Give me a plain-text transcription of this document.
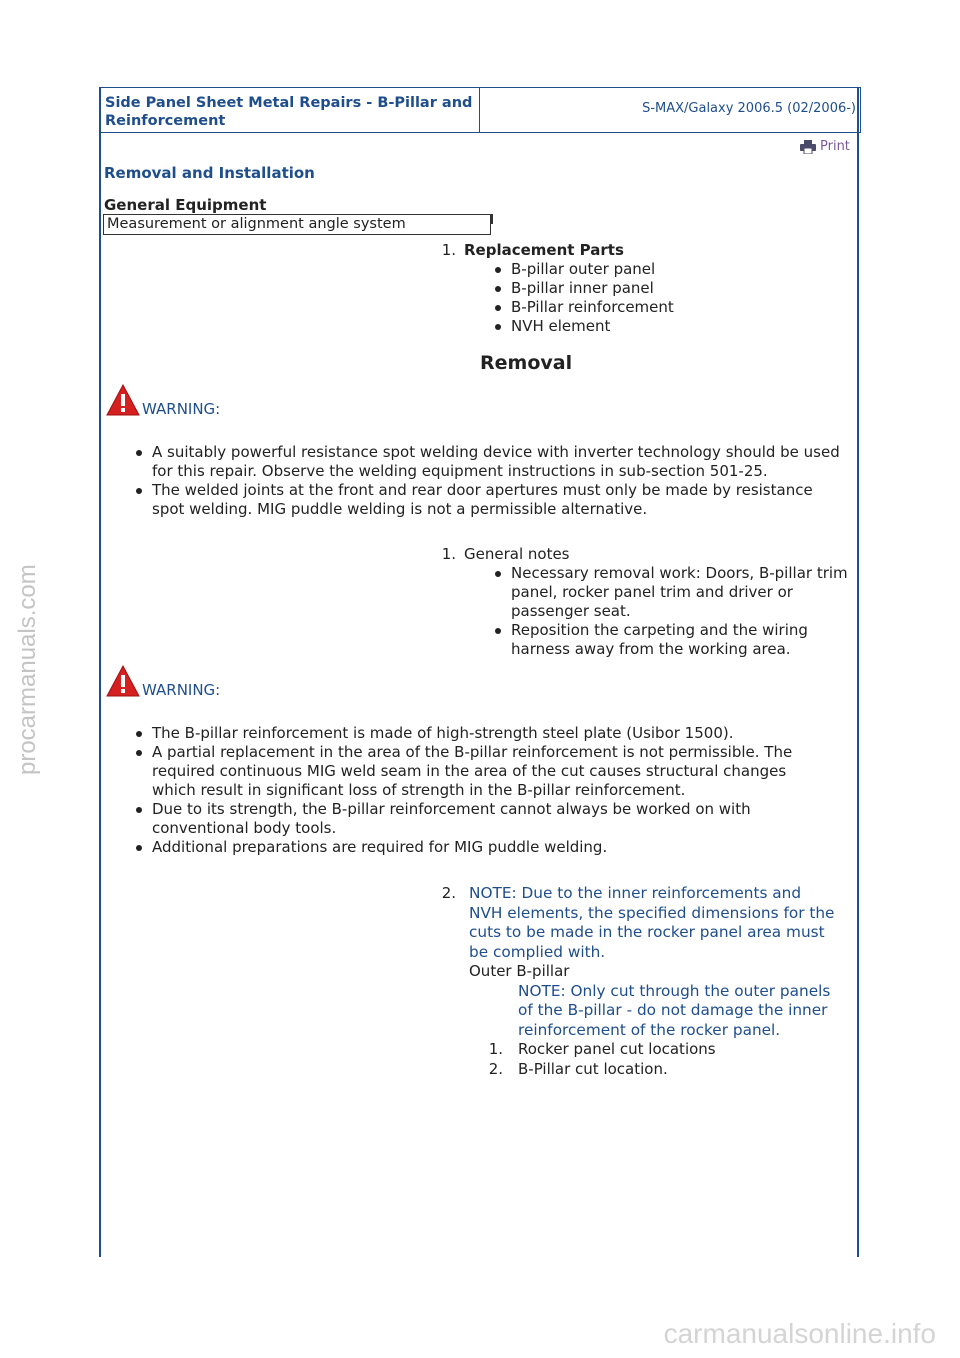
procarmanuals.com
carmanualsonline.info
Side Panel Sheet Metal Repairs - B-Pillar and Reinforcement
S-MAX/Galaxy 2006.5 (02/2006-)
Print
Removal and Installation
General Equipment
Measurement or alignment angle system
1. Replacement Parts
B-pillar outer panel
B-pillar inner panel
B-Pillar reinforcement
NVH element
Removal
WARNING:
A suitably powerful resistance spot welding device with inverter technology should be used for this repair. Observe the welding equipment instructions in sub-section 501-25.
The welded joints at the front and rear door apertures must only be made by resistance spot welding. MIG puddle welding is not a permissible alternative.
1. General notes
Necessary removal work: Doors, B-pillar trim panel, rocker panel trim and driver or passenger seat.
Reposition the carpeting and the wiring harness away from the working area.
WARNING:
The B-pillar reinforcement is made of high-strength steel plate (Usibor 1500).
A partial replacement in the area of the B-pillar reinforcement is not permissible. The required continuous MIG weld seam in the area of the cut causes structural changes which result in significant loss of strength in the B-pillar reinforcement.
Due to its strength, the B-pillar reinforcement cannot always be worked on with conventional body tools.
Additional preparations are required for MIG puddle welding.
2. NOTE: Due to the inner reinforcements and NVH elements, the specified dimensions for the cuts to be made in the rocker panel area must be complied with.
Outer B-pillar
NOTE: Only cut through the outer panels of the B-pillar - do not damage the inner reinforcement of the rocker panel.
1. Rocker panel cut locations
2. B-Pillar cut location.
